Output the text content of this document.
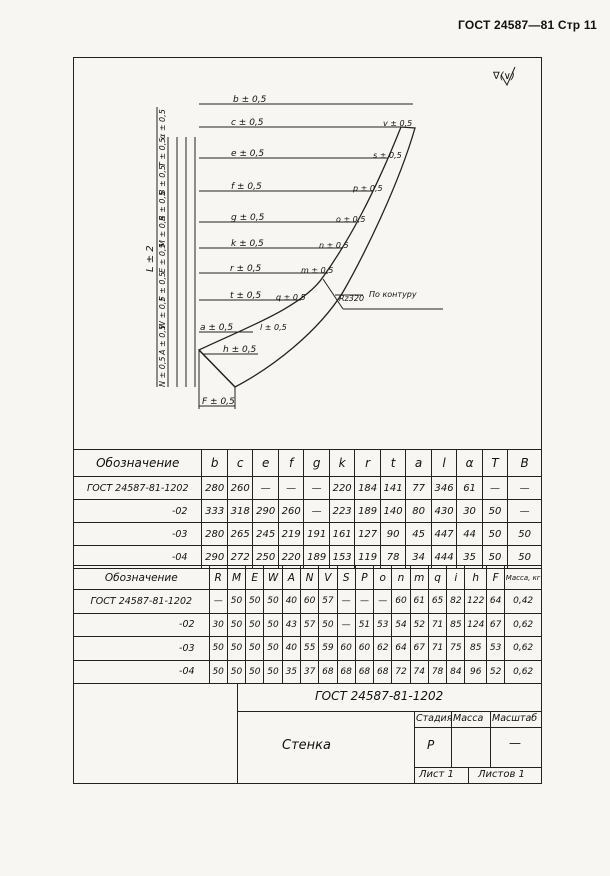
ГОСТ 24587—81 Стр 11
∇(∨)
b ± 0,5
c ± 0,5
e ± 0,5
f ± 0,5
g ± 0,5
k ± 0,5
r ± 0,5
t ± 0,5
a ± 0,5
h ± 0,5
F ± 0,5
v ± 0,5
s ± 0,5
p ± 0,5
o ± 0,5
n ± 0,5
m ± 0,5
q ± 0,5
l ± 0,5
Rz320 По контуру
L ± 2
N ± 0,5
A ± 0,5
W ± 0,5
F ± 0,5
E ± 0,5
M ± 0,5
R ± 0,5
B ± 0,5
T ± 0,5
α ± 0,5
Обозначение	b	c	e	f	g	k	r	t	a	l	α	T	B
ГОСТ 24587-81-1202	280	260	—	—	—	220	184	141	77	346	61	—	—
-02	333	318	290	260	—	223	189	140	80	430	30	50	—
-03	280	265	245	219	191	161	127	90	45	447	44	50	50
-04	290	272	250	220	189	153	119	78	34	444	35	50	50
Обозначение	R	M	E	W	A	N	V	S	P	o	n	m	q	i	h	F	Масса, кг
ГОСТ 24587-81-1202	—	50	50	50	40	60	57	—	—	—	60	61	65	82	122	64	0,42
-02	30	50	50	50	43	57	50	—	51	53	54	52	71	85	124	67	0,62
-03	50	50	50	50	40	55	59	60	60	62	64	67	71	75	85	53	0,62
-04	50	50	50	50	35	37	68	68	68	68	72	74	78	84	96	52	0,62
ГОСТ 24587-81-1202
Стенка
Стадия Масса Масштаб
Р	—
Лист 1 Листов 1
